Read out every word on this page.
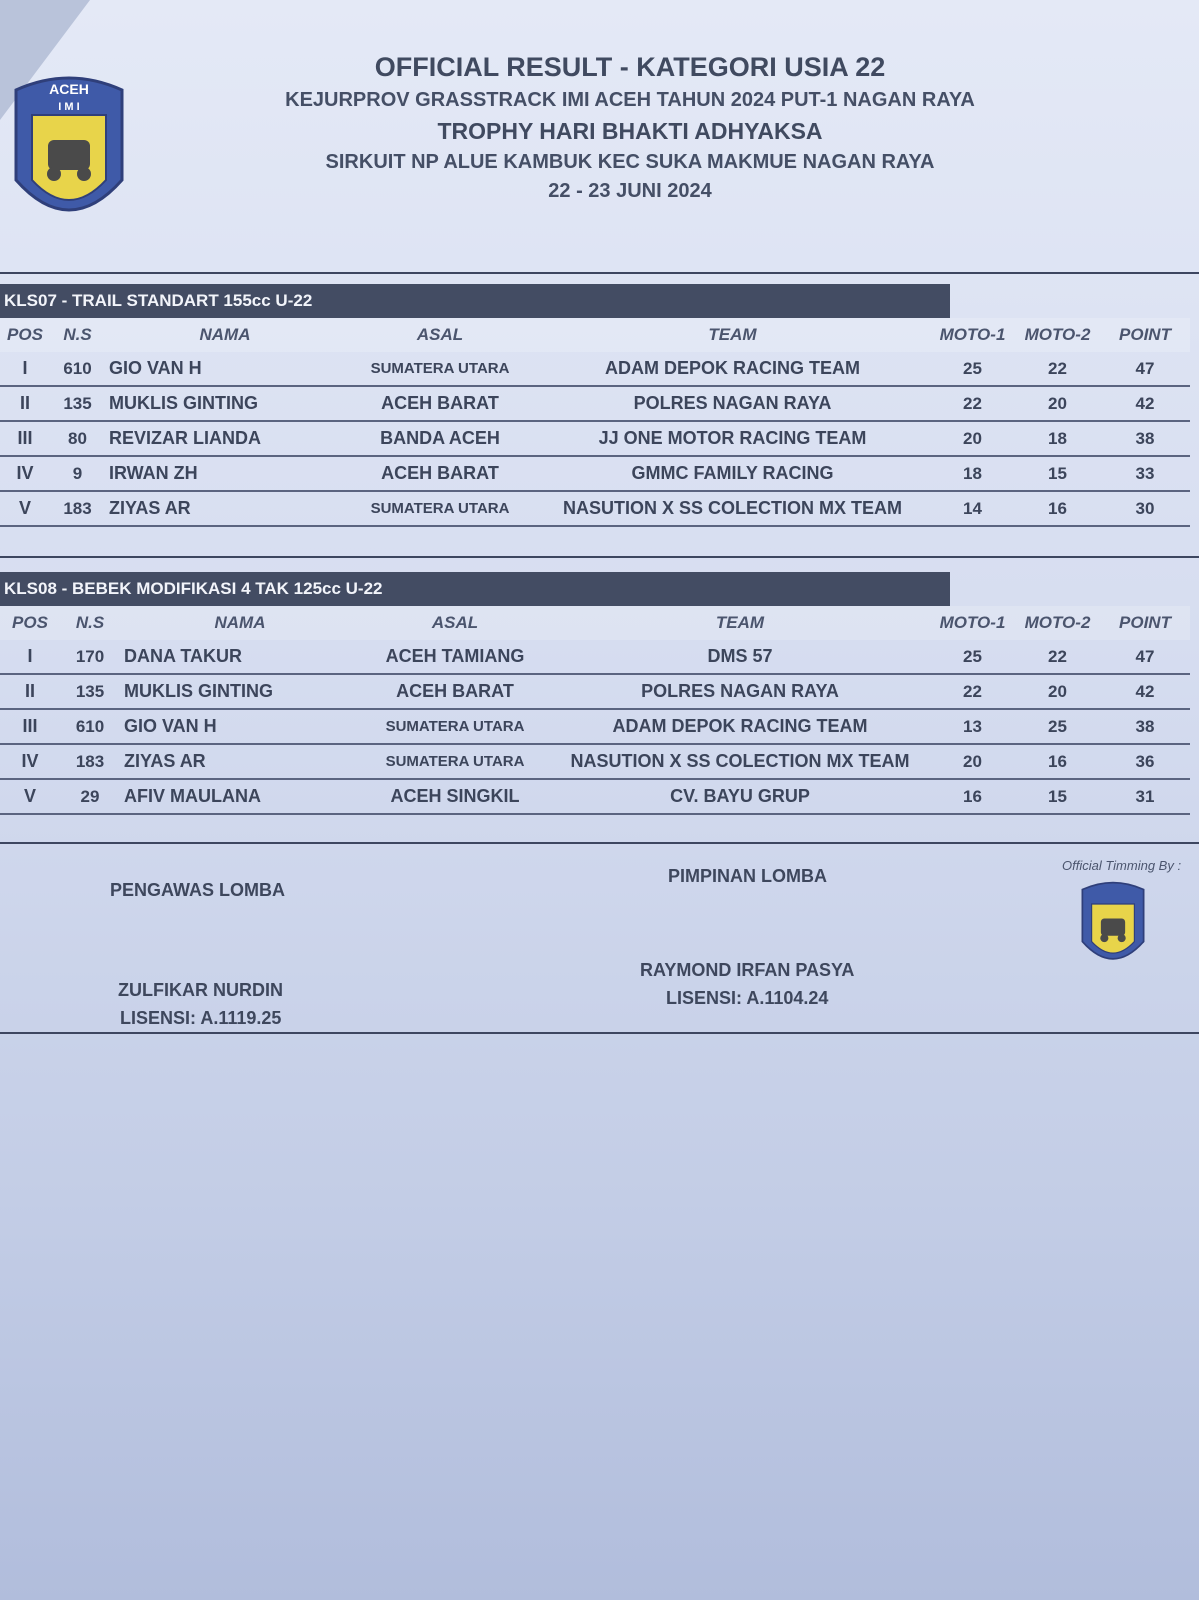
ACEH
I M I
OFFICIAL RESULT - KATEGORI USIA 22
KEJURPROV GRASSTRACK IMI ACEH TAHUN 2024 PUT-1 NAGAN RAYA
TROPHY HARI BHAKTI ADHYAKSA
SIRKUIT NP ALUE KAMBUK KEC SUKA MAKMUE NAGAN RAYA
22 - 23 JUNI 2024
KLS07 - TRAIL STANDART 155cc U-22
POS	N.S	NAMA	ASAL	TEAM	MOTO-1	MOTO-2	POINT
I	610	GIO VAN H	SUMATERA UTARA	ADAM DEPOK RACING TEAM	25	22	47
II	135	MUKLIS GINTING	ACEH BARAT	POLRES NAGAN RAYA	22	20	42
III	80	REVIZAR LIANDA	BANDA ACEH	JJ ONE MOTOR RACING TEAM	20	18	38
IV	9	IRWAN ZH	ACEH BARAT	GMMC FAMILY RACING	18	15	33
V	183	ZIYAS AR	SUMATERA UTARA	NASUTION X SS COLECTION MX TEAM	14	16	30
KLS08 - BEBEK MODIFIKASI 4 TAK 125cc U-22
POS	N.S	NAMA	ASAL	TEAM	MOTO-1	MOTO-2	POINT
I	170	DANA TAKUR	ACEH TAMIANG	DMS 57	25	22	47
II	135	MUKLIS GINTING	ACEH BARAT	POLRES NAGAN RAYA	22	20	42
III	610	GIO VAN H	SUMATERA UTARA	ADAM DEPOK RACING TEAM	13	25	38
IV	183	ZIYAS AR	SUMATERA UTARA	NASUTION X SS COLECTION MX TEAM	20	16	36
V	29	AFIV MAULANA	ACEH SINGKIL	CV. BAYU GRUP	16	15	31
PENGAWAS LOMBA
PIMPINAN LOMBA
Official Timming By :
ZULFIKAR NURDIN
LISENSI: A.1119.25
RAYMOND IRFAN PASYA
LISENSI: A.1104.24
